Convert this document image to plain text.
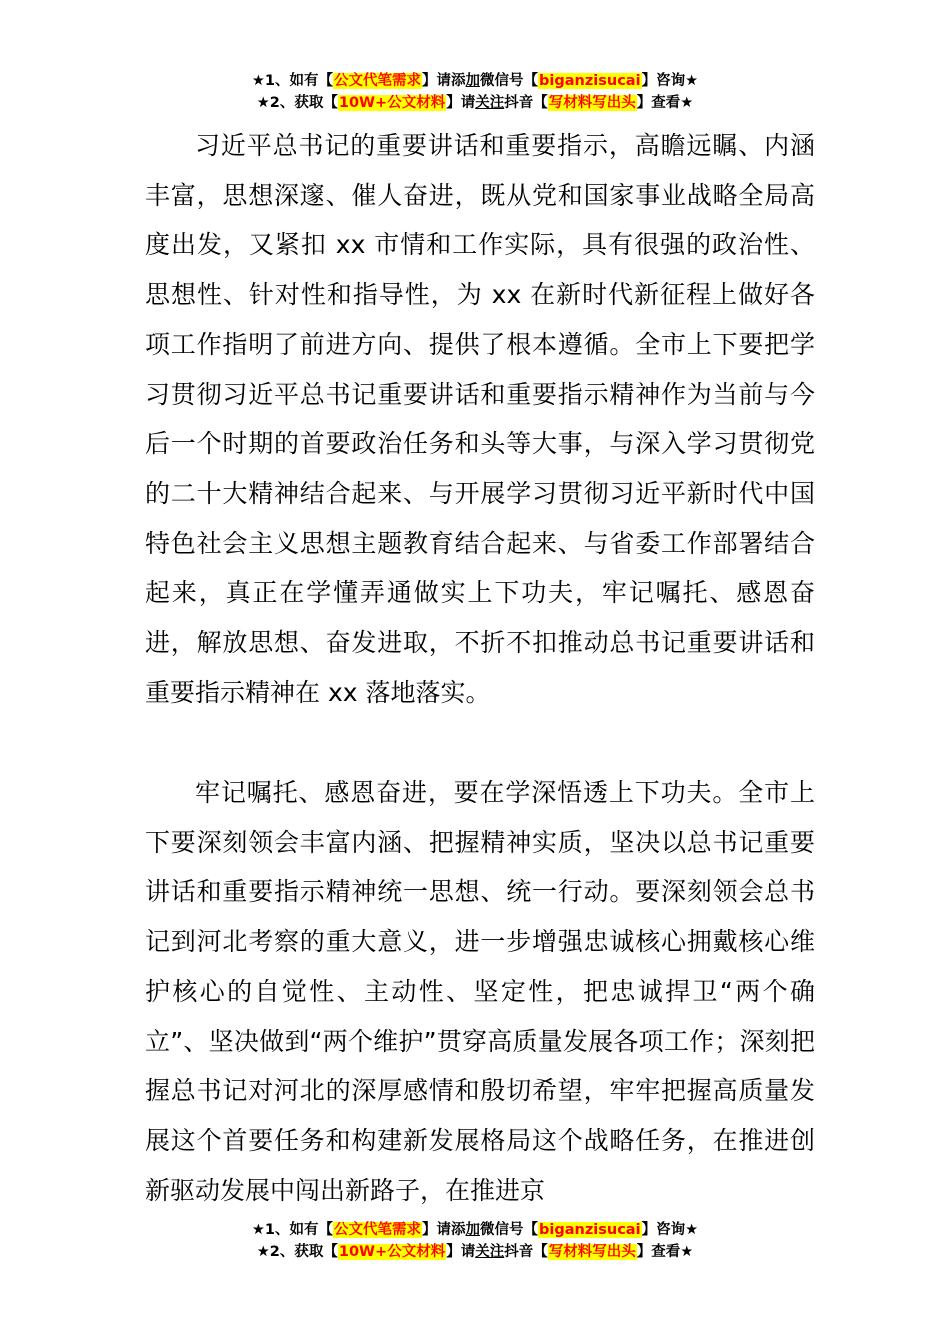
★1、如有【公文代笔需求】请添加微信号【biganzisucai】咨询★
★2、获取【10W+公文材料】请关注抖音【写材料写出头】查看★

习近平总书记的重要讲话和重要指示，高瞻远瞩、内涵丰富，思想深邃、催人奋进，既从党和国家事业战略全局高度出发，又紧扣 xx 市情和工作实际，具有很强的政治性、思想性、针对性和指导性，为 xx 在新时代新征程上做好各项工作指明了前进方向、提供了根本遵循。全市上下要把学习贯彻习近平总书记重要讲话和重要指示精神作为当前与今后一个时期的首要政治任务和头等大事，与深入学习贯彻党的二十大精神结合起来、与开展学习贯彻习近平新时代中国特色社会主义思想主题教育结合起来、与省委工作部署结合起来，真正在学懂弄通做实上下功夫，牢记嘱托、感恩奋进，解放思想、奋发进取，不折不扣推动总书记重要讲话和重要指示精神在 xx 落地落实。

牢记嘱托、感恩奋进，要在学深悟透上下功夫。全市上下要深刻领会丰富内涵、把握精神实质，坚决以总书记重要讲话和重要指示精神统一思想、统一行动。要深刻领会总书记到河北考察的重大意义，进一步增强忠诚核心拥戴核心维护核心的自觉性、主动性、坚定性，把忠诚捍卫“两个确立”、坚决做到“两个维护”贯穿高质量发展各项工作；深刻把握总书记对河北的深厚感情和殷切希望，牢牢把握高质量发展这个首要任务和构建新发展格局这个战略任务，在推进创新驱动发展中闯出新路子，在推进京

★1、如有【公文代笔需求】请添加微信号【biganzisucai】咨询★
★2、获取【10W+公文材料】请关注抖音【写材料写出头】查看★
